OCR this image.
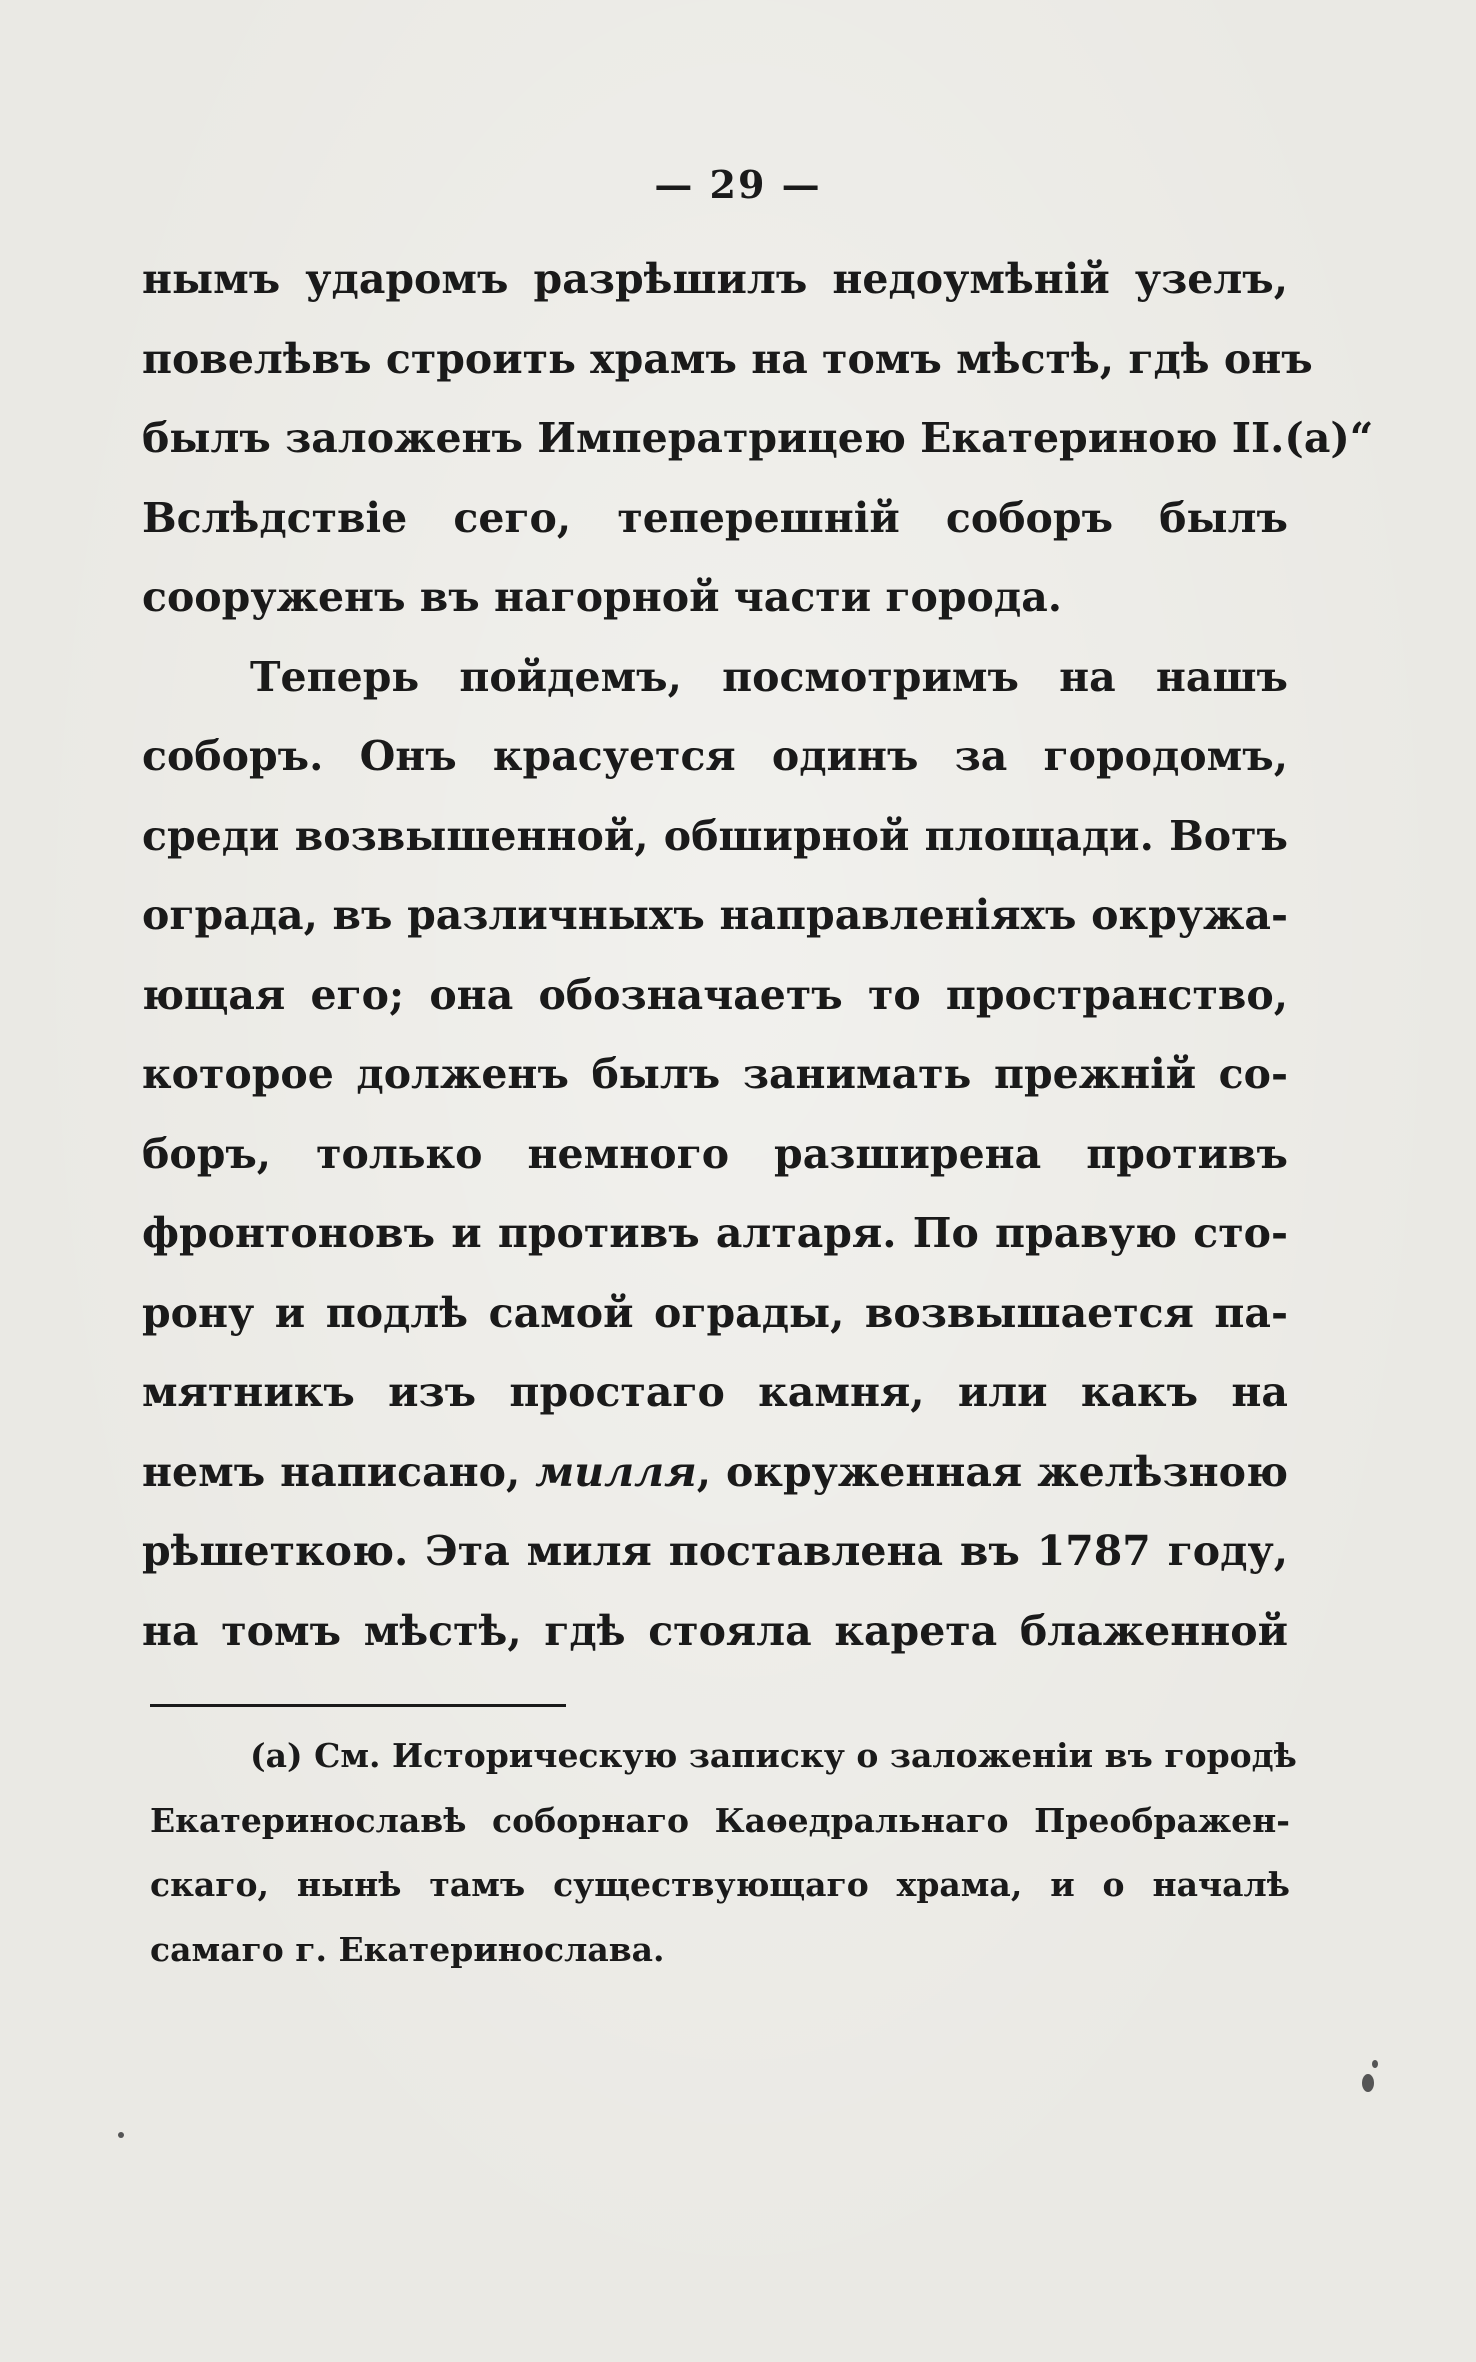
— 29 —
нымъ ударомъ разрѣшилъ недоумѣній узелъ,
повелѣвъ строить храмъ на томъ мѣстѣ, гдѣ онъ
былъ заложенъ Императрицею Екатериною II.(а)“
Вслѣдствіе сего, теперешній соборъ былъ
сооруженъ въ нагорной части города.
Теперь пойдемъ, посмотримъ на нашъ
соборъ. Онъ красуется одинъ за городомъ,
среди возвышенной, обширной площади. Вотъ
ограда, въ различныхъ направленіяхъ окружа-
ющая его; она обозначаетъ то пространство,
которое долженъ былъ занимать прежній со-
боръ, только немного разширена противъ
фронтоновъ и противъ алтаря. По правую сто-
рону и подлѣ самой ограды, возвышается па-
мятникъ изъ простаго камня, или какъ на
немъ написано, милля, окруженная желѣзною
рѣшеткою. Эта миля поставлена въ 1787 году,
на томъ мѣстѣ, гдѣ стояла карета блаженной
(а) См. Историческую записку о заложеніи въ городѣ
Екатеринославѣ соборнаго Каѳедральнаго Преображен-
скаго, нынѣ тамъ существующаго храма, и о началѣ
самаго г. Екатеринослава.
